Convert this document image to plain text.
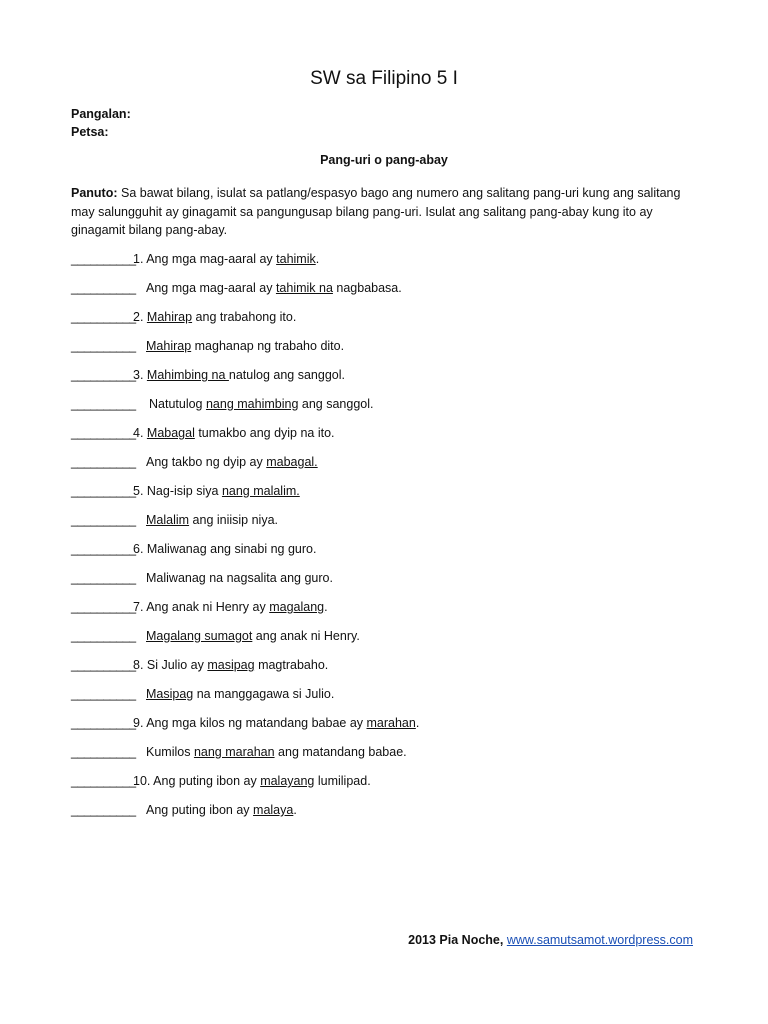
SW sa Filipino 5 I
Pangalan:
Petsa:
Pang-uri o pang-abay
Panuto: Sa bawat bilang, isulat sa patlang/espasyo bago ang numero ang salitang pang-uri kung ang salitang may salungguhit ay ginagamit sa pangungusap bilang pang-uri. Isulat ang salitang pang-abay kung ito ay ginagamit bilang pang-abay.
_____
1. Ang mga mag-aaral ay tahimik.
_____
Ang mga mag-aaral ay tahimik na nagbabasa.
_____
2. Mahirap ang trabahong ito.
_____
Mahirap maghanap ng trabaho dito.
_____
3. Mahimbing na natulog ang sanggol.
_____
Natutulog nang mahimbing ang sanggol.
_____
4. Mabagal tumakbo ang dyip na ito.
_____
Ang takbo ng dyip ay mabagal.
_____
5. Nag-isip siya nang malalim.
_____
Malalim ang iniisip niya.
_____
6. Maliwanag ang sinabi ng guro.
_____
Maliwanag na nagsalita ang guro.
_____
7. Ang anak ni Henry ay magalang.
_____
Magalang sumagot ang anak ni Henry.
_____
8. Si Julio ay masipag magtrabaho.
_____
Masipag na manggagawa si Julio.
_____
9. Ang mga kilos ng matandang babae ay marahan.
_____
Kumilos nang marahan ang matandang babae.
_____
10. Ang puting ibon ay malayang lumilipad.
_____
Ang puting ibon ay malaya.
2013 Pia Noche, www.samutsamot.wordpress.com
